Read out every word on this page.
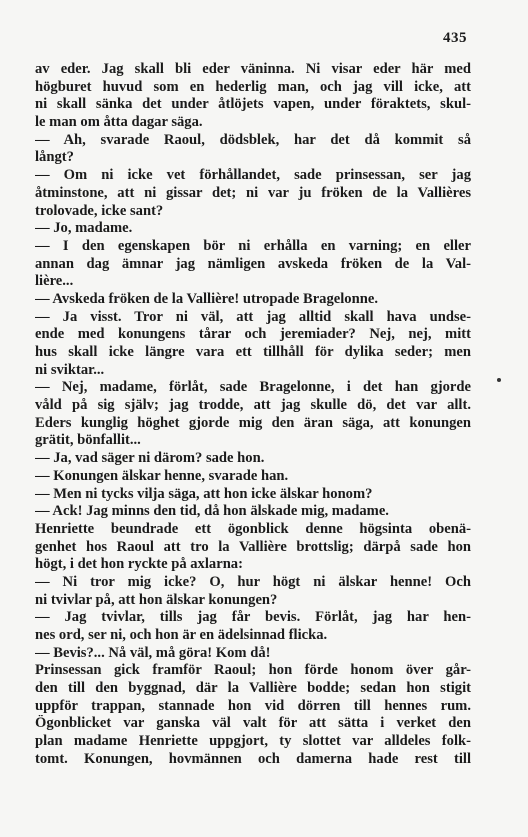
435
av eder. Jag skall bli eder väninna. Ni visar eder här med
högburet huvud som en hederlig man, och jag vill icke, att
ni skall sänka det under åtlöjets vapen, under föraktets, skul-
le man om åtta dagar säga.
— Ah, svarade Raoul, dödsblek, har det då kommit så
långt?
— Om ni icke vet förhållandet, sade prinsessan, ser jag
åtminstone, att ni gissar det; ni var ju fröken de la Vallières
trolovade, icke sant?
— Jo, madame.
— I den egenskapen bör ni erhålla en varning; en eller
annan dag ämnar jag nämligen avskeda fröken de la Val-
lière...
— Avskeda fröken de la Vallière! utropade Bragelonne.
— Ja visst. Tror ni väl, att jag alltid skall hava undse-
ende med konungens tårar och jeremiader? Nej, nej, mitt
hus skall icke längre vara ett tillhåll för dylika seder; men
ni sviktar...
— Nej, madame, förlåt, sade Bragelonne, i det han gjorde
våld på sig själv; jag trodde, att jag skulle dö, det var allt.
Eders kunglig höghet gjorde mig den äran säga, att konungen
grätit, bönfallit...
— Ja, vad säger ni därom? sade hon.
— Konungen älskar henne, svarade han.
— Men ni tycks vilja säga, att hon icke älskar honom?
— Ack! Jag minns den tid, då hon älskade mig, madame.
Henriette beundrade ett ögonblick denne högsinta obenä-
genhet hos Raoul att tro la Vallière brottslig; därpå sade hon
högt, i det hon ryckte på axlarna:
— Ni tror mig icke? O, hur högt ni älskar henne! Och
ni tvivlar på, att hon älskar konungen?
— Jag tvivlar, tills jag får bevis. Förlåt, jag har hen-
nes ord, ser ni, och hon är en ädelsinnad flicka.
— Bevis?... Nå väl, må göra! Kom då!
Prinsessan gick framför Raoul; hon förde honom över går-
den till den byggnad, där la Vallière bodde; sedan hon stigit
uppför trappan, stannade hon vid dörren till hennes rum.
Ögonblicket var ganska väl valt för att sätta i verket den
plan madame Henriette uppgjort, ty slottet var alldeles folk-
tomt. Konungen, hovmännen och damerna hade rest till
